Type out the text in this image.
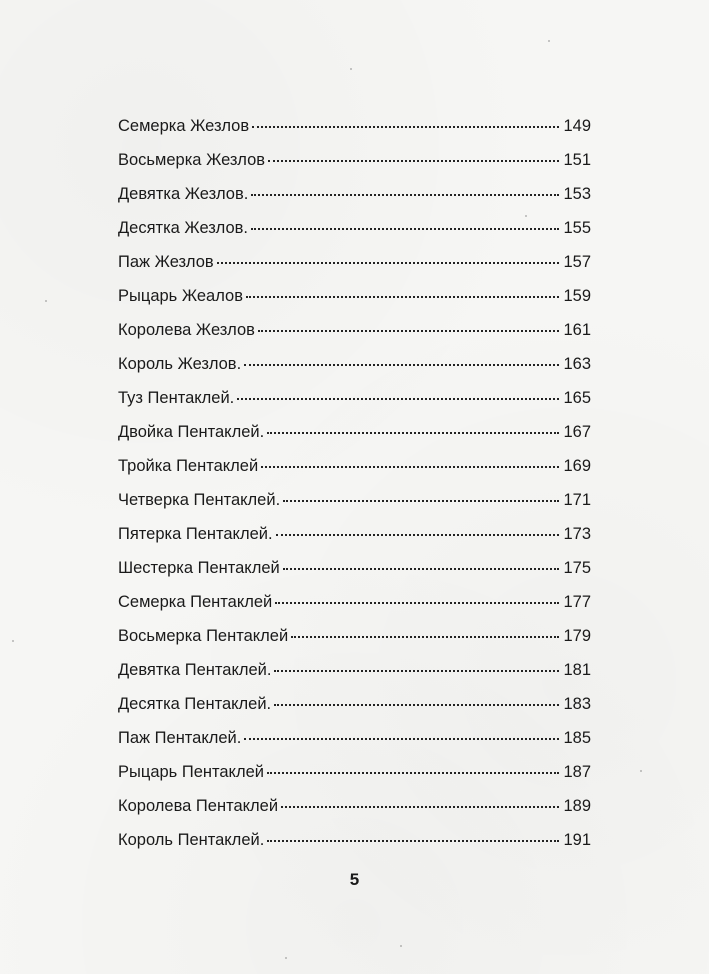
Семерка Жезлов	149
Восьмерка Жезлов	151
Девятка Жезлов.	153
Десятка Жезлов.	155
Паж Жезлов	157
Рыцарь Жеалов	159
Королева Жезлов	161
Король Жезлов.	163
Туз Пентаклей.	165
Двойка Пентаклей.	167
Тройка Пентаклей	169
Четверка Пентаклей.	171
Пятерка Пентаклей.	173
Шестерка Пентаклей	175
Семерка Пентаклей	177
Восьмерка Пентаклей	179
Девятка Пентаклей.	181
Десятка Пентаклей.	183
Паж Пентаклей.	185
Рыцарь Пентаклей	187
Королева Пентаклей	189
Король Пентаклей.	191
5
